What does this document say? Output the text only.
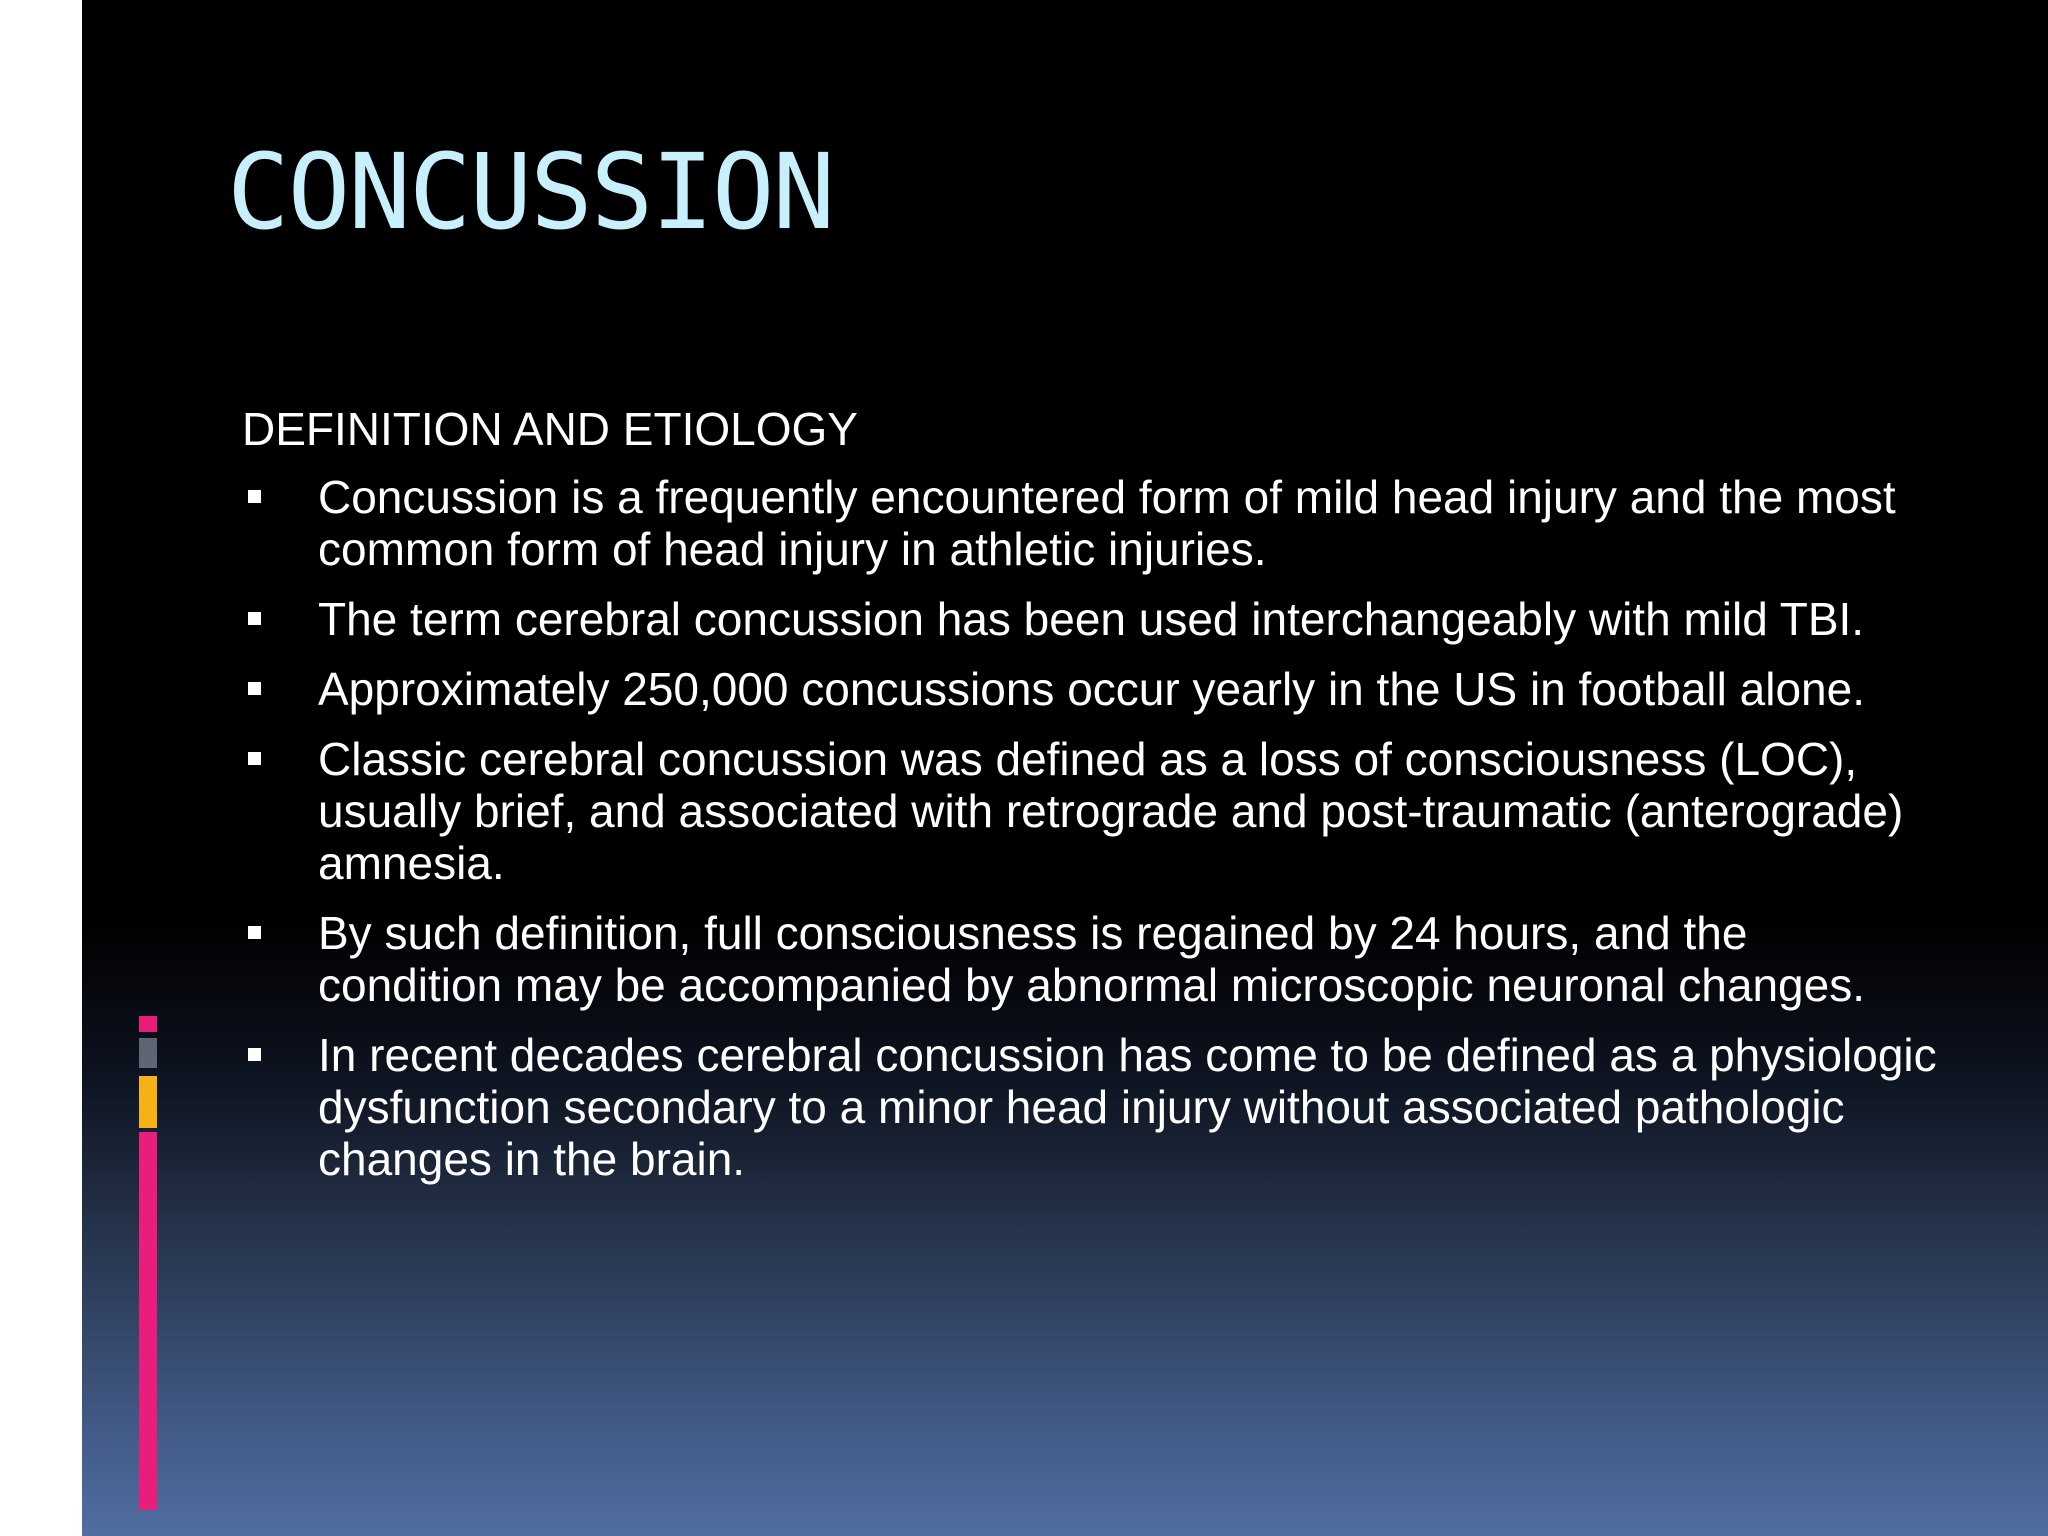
CONCUSSION
DEFINITION AND ETIOLOGY
Concussion is a frequently encountered form of mild head injury and the most common form of head injury in athletic injuries.
The term cerebral concussion has been used interchangeably with mild TBI.
Approximately 250,000 concussions occur yearly in the US in football alone.
Classic cerebral concussion was defined as a loss of consciousness (LOC), usually brief, and associated with retrograde and post-traumatic (anterograde) amnesia.
By such definition, full consciousness is regained by 24 hours, and the condition may be accompanied by abnormal microscopic neuronal changes.
In recent decades cerebral concussion has come to be defined as a physiologic dysfunction secondary to a minor head injury without associated pathologic changes in the brain.
